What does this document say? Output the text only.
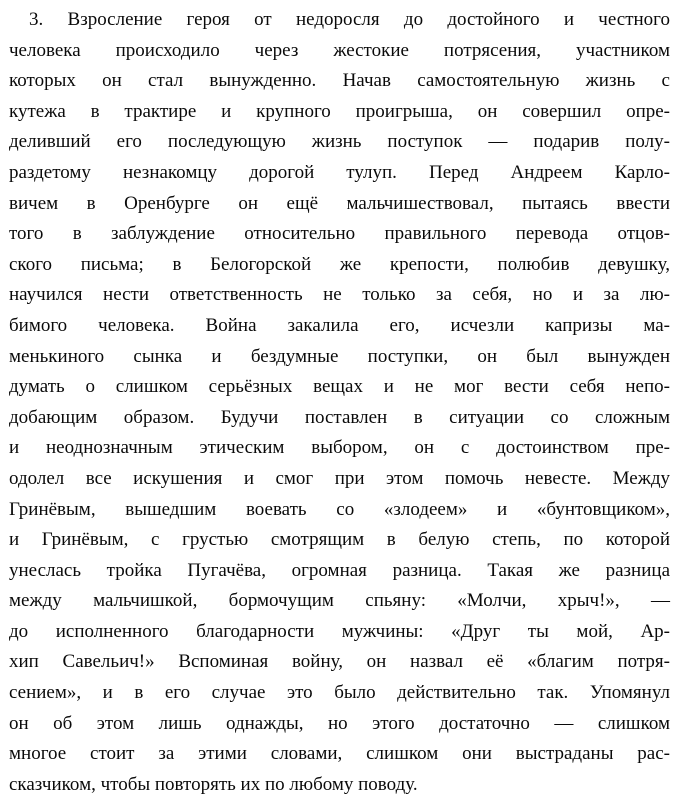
3. Взросление героя от недоросля до достойного и честного
человека происходило через жестокие потрясения, участником
которых он стал вынужденно. Начав самостоятельную жизнь с
кутежа в трактире и крупного проигрыша, он совершил опре-
деливший его последующую жизнь поступок — подарив полу-
раздетому незнакомцу дорогой тулуп. Перед Андреем Карло-
вичем в Оренбурге он ещё мальчишествовал, пытаясь ввести
того в заблуждение относительно правильного перевода отцов-
ского письма; в Белогорской же крепости, полюбив девушку,
научился нести ответственность не только за себя, но и за лю-
бимого человека. Война закалила его, исчезли капризы ма-
менькиного сынка и бездумные поступки, он был вынужден
думать о слишком серьёзных вещах и не мог вести себя непо-
добающим образом. Будучи поставлен в ситуации со сложным
и неоднозначным этическим выбором, он с достоинством пре-
одолел все искушения и смог при этом помочь невесте. Между
Гринёвым, вышедшим воевать со «злодеем» и «бунтовщиком»,
и Гринёвым, с грустью смотрящим в белую степь, по которой
унеслась тройка Пугачёва, огромная разница. Такая же разница
между мальчишкой, бормочущим спьяну: «Молчи, хрыч!», —
до исполненного благодарности мужчины: «Друг ты мой, Ар-
хип Савельич!» Вспоминая войну, он назвал её «благим потря-
сением», и в его случае это было действительно так. Упомянул
он об этом лишь однажды, но этого достаточно — слишком
многое стоит за этими словами, слишком они выстраданы рас-
сказчиком, чтобы повторять их по любому поводу.
